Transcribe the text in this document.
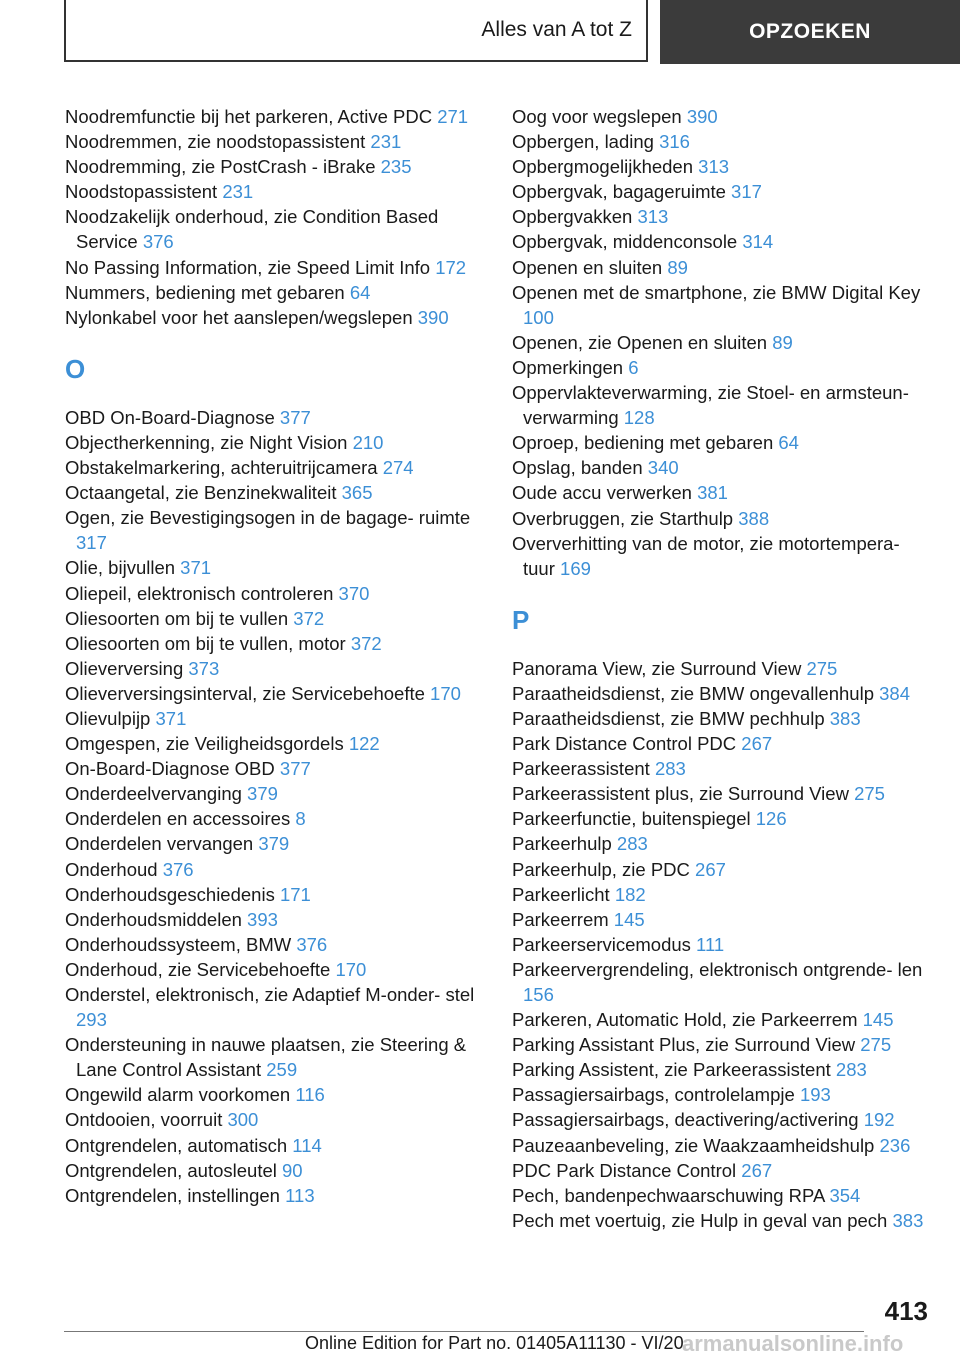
Alles van A tot Z	OPZOEKEN
Noodremfunctie bij het parkeren, Active PDC 271
Noodremmen, zie noodstopassistent 231
Noodremming, zie PostCrash - iBrake 235
Noodstopassistent 231
Noodzakelijk onderhoud, zie Condition Based Service 376
No Passing Information, zie Speed Limit Info 172
Nummers, bediening met gebaren 64
Nylonkabel voor het aanslepen/wegslepen 390
O
OBD On-Board-Diagnose 377
Objectherkenning, zie Night Vision 210
Obstakelmarkering, achteruitrijcamera 274
Octaangetal, zie Benzinekwaliteit 365
Ogen, zie Bevestigingsogen in de bagage‐ ruimte 317
Olie, bijvullen 371
Oliepeil, elektronisch controleren 370
Oliesoorten om bij te vullen 372
Oliesoorten om bij te vullen, motor 372
Olieverversing 373
Olieverversingsinterval, zie Servicebehoefte 170
Olievulpijp 371
Omgespen, zie Veiligheidsgordels 122
On-Board-Diagnose OBD 377
Onderdeelvervanging 379
Onderdelen en accessoires 8
Onderdelen vervangen 379
Onderhoud 376
Onderhoudsgeschiedenis 171
Onderhoudsmiddelen 393
Onderhoudssysteem, BMW 376
Onderhoud, zie Servicebehoefte 170
Onderstel, elektronisch, zie Adaptief M-onder‐ stel 293
Ondersteuning in nauwe plaatsen, zie Steering & Lane Control Assistant 259
Ongewild alarm voorkomen 116
Ontdooien, voorruit 300
Ontgrendelen, automatisch 114
Ontgrendelen, autosleutel 90
Ontgrendelen, instellingen 113
Oog voor wegslepen 390
Opbergen, lading 316
Opbergmogelijkheden 313
Opbergvak, bagageruimte 317
Opbergvakken 313
Opbergvak, middenconsole 314
Openen en sluiten 89
Openen met de smartphone, zie BMW Digital Key 100
Openen, zie Openen en sluiten 89
Opmerkingen 6
Oppervlakteverwarming, zie Stoel- en armsteun‐ verwarming 128
Oproep, bediening met gebaren 64
Opslag, banden 340
Oude accu verwerken 381
Overbruggen, zie Starthulp 388
Oververhitting van de motor, zie motortempera‐ tuur 169
P
Panorama View, zie Surround View 275
Paraatheidsdienst, zie BMW ongevallenhulp 384
Paraatheidsdienst, zie BMW pechhulp 383
Park Distance Control PDC 267
Parkeerassistent 283
Parkeerassistent plus, zie Surround View 275
Parkeerfunctie, buitenspiegel 126
Parkeerhulp 283
Parkeerhulp, zie PDC 267
Parkeerlicht 182
Parkeerrem 145
Parkeerservicemodus 111
Parkeervergrendeling, elektronisch ontgrende‐ len 156
Parkeren, Automatic Hold, zie Parkeerrem 145
Parking Assistant Plus, zie Surround View 275
Parking Assistent, zie Parkeerassistent 283
Passagiersairbags, controlelampje 193
Passagiersairbags, deactivering/activering 192
Pauzeaanbeveling, zie Waakzaamheidshulp 236
PDC Park Distance Control 267
Pech, bandenpechwaarschuwing RPA 354
Pech met voertuig, zie Hulp in geval van pech 383
413
Online Edition for Part no. 01405A11130 - VI/20
armanualsonline.info
